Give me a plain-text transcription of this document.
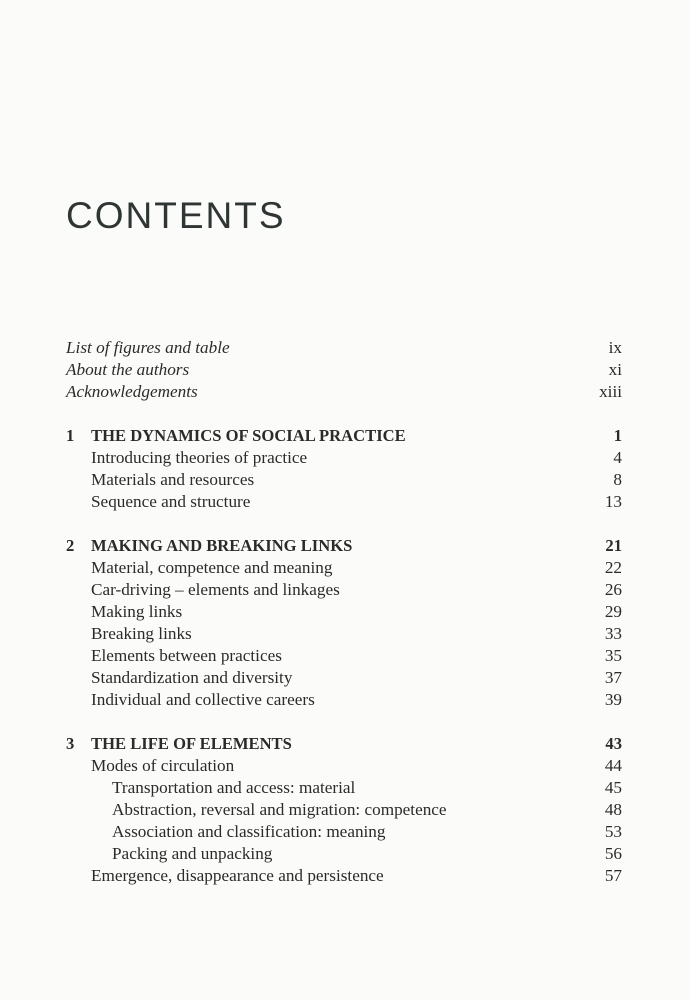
CONTENTS
List of figures and table	ix
About the authors	xi
Acknowledgements	xiii
1 THE DYNAMICS OF SOCIAL PRACTICE	1
Introducing theories of practice	4
Materials and resources	8
Sequence and structure	13
2 MAKING AND BREAKING LINKS	21
Material, competence and meaning	22
Car-driving – elements and linkages	26
Making links	29
Breaking links	33
Elements between practices	35
Standardization and diversity	37
Individual and collective careers	39
3 THE LIFE OF ELEMENTS	43
Modes of circulation	44
Transportation and access: material	45
Abstraction, reversal and migration: competence	48
Association and classification: meaning	53
Packing and unpacking	56
Emergence, disappearance and persistence	57
